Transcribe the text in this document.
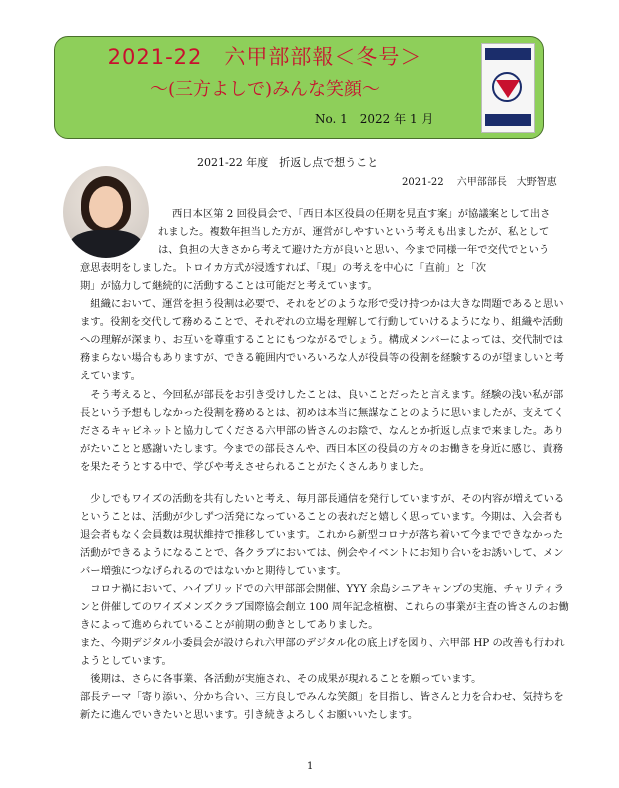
2021-22　六甲部部報＜冬号＞
～(三方よしで)みんな笑顔～
No. 1　2022 年 1 月
2021-22 年度　折返し点で想うこと
2021-22　 六甲部部長　大野智恵

西日本区第 2 回役員会で、「西日本区役員の任期を見直す案」が協議案として出さ

れました。複数年担当した方が、運営がしやすいという考えも出ましたが、私として

は、負担の大きさから考えて避けた方が良いと思い、今まで同様一年で交代でという

意思表明をしました。トロイカ方式が浸透すれば、「現」の考えを中心に「直前」と「次

期」が協力して継続的に活動することは可能だと考えています。

　組織において、運営を担う役割は必要で、それをどのような形で受け持つかは大きな問題であると思い

ます。役割を交代して務めることで、それぞれの立場を理解して行動していけるようになり、組織や活動

への理解が深まり、お互いを尊重することにもつながるでしょう。構成メンバーによっては、交代制では

務まらない場合もありますが、できる範囲内でいろいろな人が役員等の役割を経験するのが望ましいと考

えています。

　そう考えると、今回私が部長をお引き受けしたことは、良いことだったと言えます。経験の浅い私が部

長という予想もしなかった役割を務めるとは、初めは本当に無謀なことのように思いましたが、支えてく

ださるキャビネットと協力してくださる六甲部の皆さんのお陰で、なんとか折返し点まで来ました。あり

がたいことと感謝いたします。今までの部長さんや、西日本区の役員の方々のお働きを身近に感じ、責務

を果たそうとする中で、学びや考えさせられることがたくさんありました。

　少しでもワイズの活動を共有したいと考え、毎月部長通信を発行していますが、その内容が増えている

ということは、活動が少しずつ活発になっていることの表れだと嬉しく思っています。今期は、入会者も

退会者もなく会員数は現状維持で推移しています。これから新型コロナが落ち着いて今までできなかった

活動ができるようになることで、各クラブにおいては、例会やイベントにお知り合いをお誘いして、メン

バー増強につなげられるのではないかと期待しています。

　コロナ禍において、ハイブリッドでの六甲部部会開催、YYY 余島シニアキャンプの実施、チャリティラ

ンと併催してのワイズメンズクラブ国際協会創立 100 周年記念植樹、これらの事業が主査の皆さんのお働

きによって進められていることが前期の動きとしてありました。

また、今期デジタル小委員会が設けられ六甲部のデジタル化の底上げを図り、六甲部 HP の改善も行われ

ようとしています。

　後期は、さらに各事業、各活動が実施され、その成果が現れることを願っています。

部長テーマ「寄り添い、分かち合い、三方良しでみんな笑顔」を目指し、皆さんと力を合わせ、気持ちを

新たに進んでいきたいと思います。引き続きよろしくお願いいたします。

1
